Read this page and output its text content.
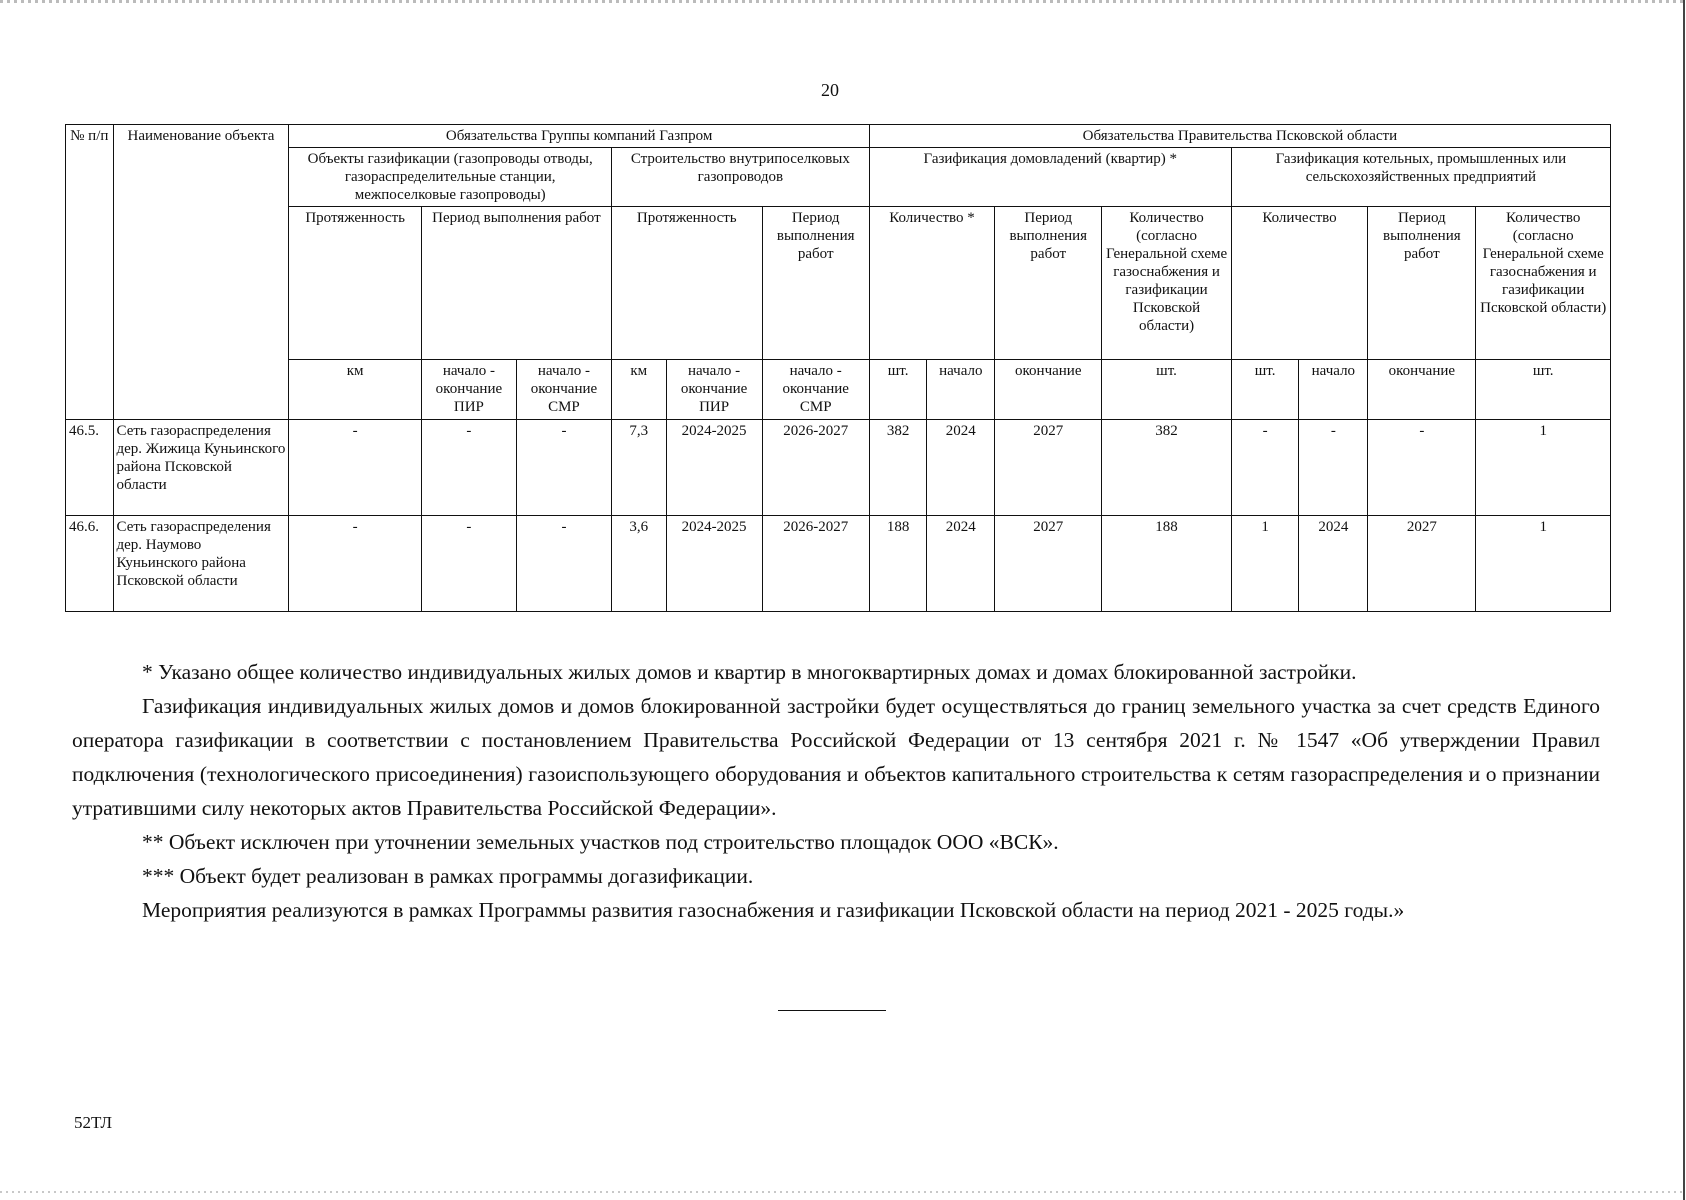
20
№ п/п	Наименование объекта	Обязательства Группы компаний Газпром						Обязательства Правительства Псковской области							
		Объекты газификации (газопроводы отводы, газораспределительные станции, межпоселковые газопроводы)			Строительство внутрипоселковых газопроводов			Газификация домовладений (квартир) *				Газификация котельных, промышленных или сельскохозяйственных предприятий			
		Протяженность	Период выполнения работ		Протяженность		Период выполнения работ	Количество *		Период выполнения работ	Количество (согласно Генеральной схеме газоснабжения и газификации Псковской области)	Количество		Период выполнения работ	Количество (согласно Генеральной схеме газоснабжения и газификации Псковской области)
		км	начало - окончание ПИР	начало - окончание СМР	км	начало - окончание ПИР	начало - окончание СМР	шт.	начало	окончание	шт.	шт.	начало	окончание	шт.
46.5.	Сеть газораспределения дер. Жижица Куньинского района Псковской области	-	-	-	7,3	2024-2025	2026-2027	382	2024	2027	382	-	-	-	1
46.6.	Сеть газораспределения дер. Наумово Куньинского района Псковской области	-	-	-	3,6	2024-2025	2026-2027	188	2024	2027	188	1	2024	2027	1

* Указано общее количество индивидуальных жилых домов и квартир в многоквартирных домах и домах блокированной застройки.

Газификация индивидуальных жилых домов и домов блокированной застройки будет осуществляться до границ земельного участка за счет средств Единого оператора газификации в соответствии с постановлением Правительства Российской Федерации от 13 сентября 2021 г. № 1547 «Об утверждении Правил подключения (технологического присоединения) газоиспользующего оборудования и объектов капитального строительства к сетям газораспределения и о признании утратившими силу некоторых актов Правительства Российской Федерации».

** Объект исключен при уточнении земельных участков под строительство площадок ООО «ВСК».

*** Объект будет реализован в рамках программы догазификации.

Мероприятия реализуются в рамках Программы развития газоснабжения и газификации Псковской области на период 2021 - 2025 годы.»

52ТЛ
